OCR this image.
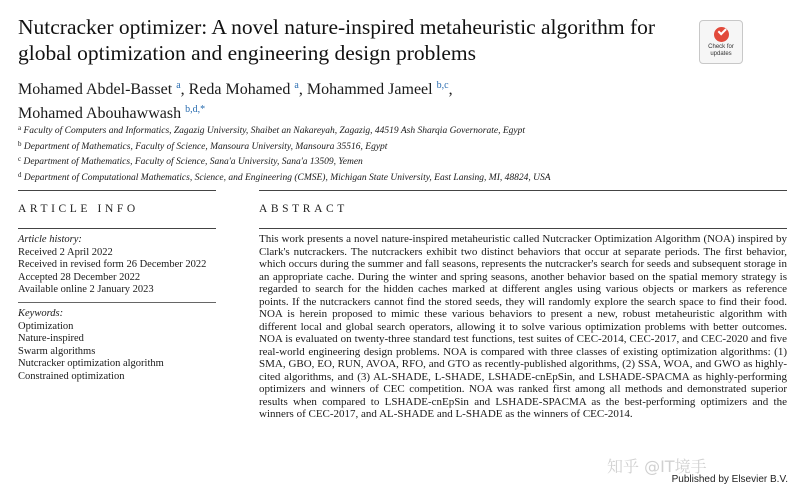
Nutcracker optimizer: A novel nature-inspired metaheuristic algorithm for global optimization and engineering design problems	Check for
updates
Mohamed Abdel-Basset $^a$, Reda Mohamed $^a$, Mohammed Jameel $^{b,c}$,
Mohamed Abouhawwash $^{b,d,*}$
$^a$ Faculty of Computers and Informatics, Zagazig University, Shaibet an Nakareyah, Zagazig, 44519 Ash Sharqia Governorate, Egypt
$^b$ Department of Mathematics, Faculty of Science, Mansoura University, Mansoura 35516, Egypt
$^c$ Department of Mathematics, Faculty of Science, Sana'a University, Sana'a 13509, Yemen
$^d$ Department of Computational Mathematics, Science, and Engineering (CMSE), Michigan State University, East Lansing, MI, 48824, USA
ARTICLE INFO	ABSTRACT
Article history:
Received 2 April 2022
Received in revised form 26 December 2022
Accepted 28 December 2022
Available online 2 January 2023
Keywords:
Optimization
Nature-inspired
Swarm algorithms
Nutcracker optimization algorithm
Constrained optimization
This work presents a novel nature-inspired metaheuristic called Nutcracker Optimization Algorithm (NOA) inspired by Clark's nutcrackers. The nutcrackers exhibit two distinct behaviors that occur at separate periods. The first behavior, which occurs during the summer and fall seasons, represents the nutcracker's search for seeds and subsequent storage in an appropriate cache. During the winter and spring seasons, another behavior based on the spatial memory strategy is regarded to search for the hidden caches marked at different angles using various objects or markers as reference points. If the nutcrackers cannot find the stored seeds, they will randomly explore the search space to find their food. NOA is herein proposed to mimic these various behaviors to present a new, robust metaheuristic algorithm with different local and global search operators, allowing it to solve various optimization problems with better outcomes. NOA is evaluated on twenty-three standard test functions, test suites of CEC-2014, CEC-2017, and CEC-2020 and five real-world engineering design problems. NOA is compared with three classes of existing optimization algorithms: (1) SMA, GBO, EO, RUN, AVOA, RFO, and GTO as recently-published algorithms, (2) SSA, WOA, and GWO as highly-cited algorithms, and (3) AL-SHADE, L-SHADE, LSHADE-cnEpSin, and LSHADE-SPACMA as highly-performing optimizers and winners of CEC competition. NOA was ranked first among all methods and demonstrated superior results when compared to LSHADE-cnEpSin and LSHADE-SPACMA as the best-performing optimizers and the winners of CEC-2017, and AL-SHADE and L-SHADE as the winners of CEC-2014.
Published by Elsevier B.V.
知乎 @IT境手
